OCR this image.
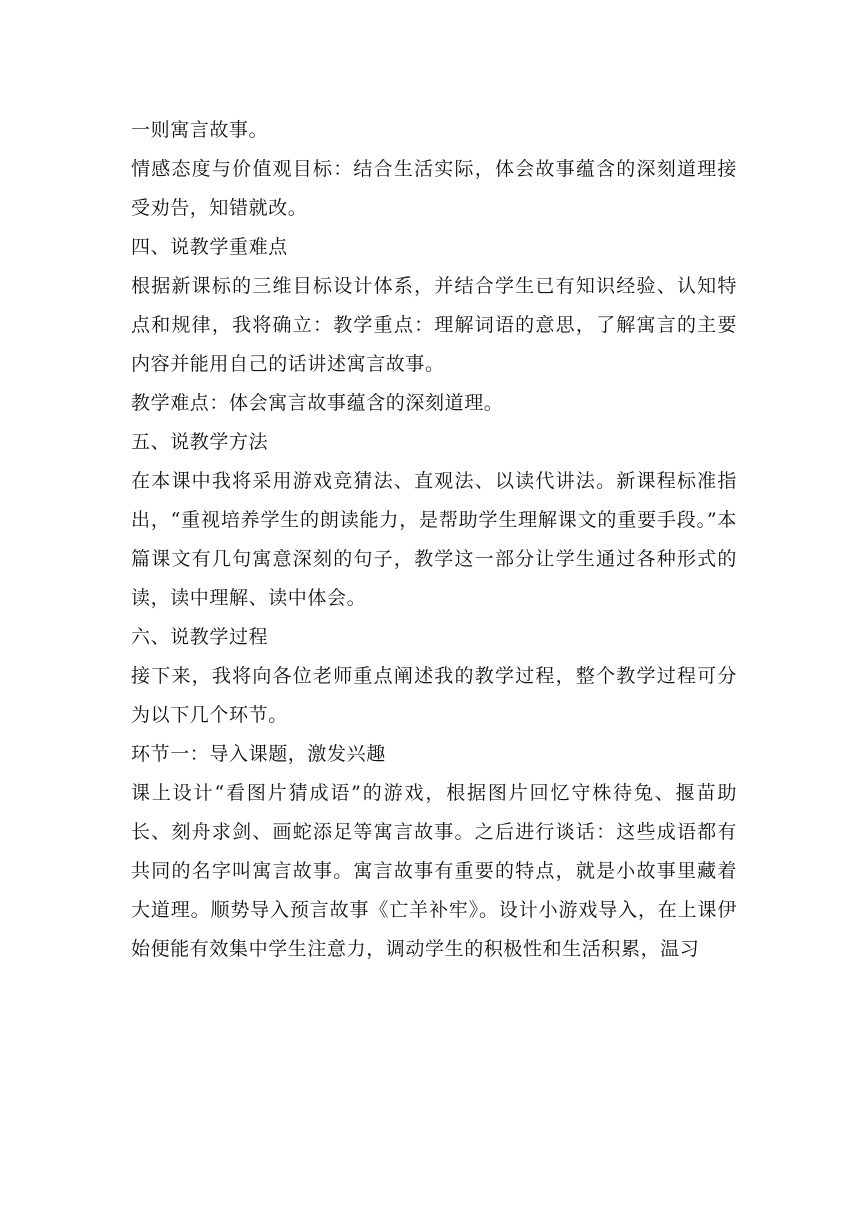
一则寓言故事。

情感态度与价值观目标：结合生活实际，体会故事蕴含的深刻道理接受劝告，知错就改。

四、说教学重难点

根据新课标的三维目标设计体系，并结合学生已有知识经验、认知特点和规律，我将确立：教学重点：理解词语的意思，了解寓言的主要内容并能用自己的话讲述寓言故事。

教学难点：体会寓言故事蕴含的深刻道理。

五、说教学方法

在本课中我将采用游戏竞猜法、直观法、以读代讲法。新课程标准指出，“重视培养学生的朗读能力，是帮助学生理解课文的重要手段。”本篇课文有几句寓意深刻的句子，教学这一部分让学生通过各种形式的读，读中理解、读中体会。

六、说教学过程

接下来，我将向各位老师重点阐述我的教学过程，整个教学过程可分为以下几个环节。

环节一：导入课题，激发兴趣

课上设计“看图片猜成语”的游戏，根据图片回忆守株待兔、揠苗助长、刻舟求剑、画蛇添足等寓言故事。之后进行谈话：这些成语都有共同的名字叫寓言故事。寓言故事有重要的特点，就是小故事里藏着大道理。顺势导入预言故事《亡羊补牢》。设计小游戏导入，在上课伊始便能有效集中学生注意力，调动学生的积极性和生活积累，温习
